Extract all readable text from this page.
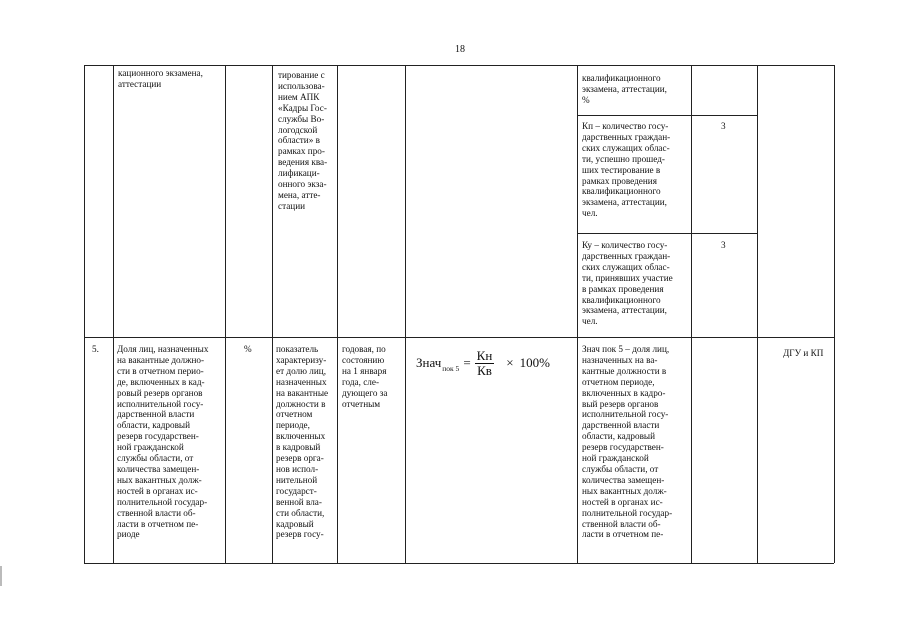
18
кационного экзамена,
аттестации
тирование с
использова-
нием АПК
«Кадры Гос-
службы Во-
логодской
области» в
рамках про-
ведения ква-
лификаци-
онного экза-
мена, атте-
стации
квалификационного
экзамена, аттестации,
%
Кп – количество госу-
дарственных граждан-
ских служащих облас-
ти, успешно прошед-
ших тестирование в
рамках проведения
квалификационного
экзамена, аттестации,
чел.
3
Ку – количество госу-
дарственных граждан-
ских служащих облас-
ти, принявших участие
в рамках проведения
квалификационного
экзамена, аттестации,
чел.
3
5.	Доля лиц, назначенных
на вакантные должно-
сти в отчетном перио-
де, включенных в кад-
ровый резерв органов
исполнительной госу-
дарственной власти
области, кадровый
резерв государствен-
ной гражданской
службы области, от
количества замещен-
ных вакантных долж-
ностей в органах ис-
полнительной государ-
ственной власти об-
ласти в отчетном пе-
риоде
%	показатель
характеризу-
ет долю лиц,
назначенных
на вакантные
должности в
отчетном
периоде,
включенных
в кадровый
резерв орга-
нов испол-
нительной
государст-
венной вла-
сти области,
кадровый
резерв госу-
годовая, по
состоянию
на 1 января
года, сле-
дующего за
отчетным
Знач пок $5 = \frac{Кн}{Кв} \times 100\%$
Знач пок 5 – доля лиц,
назначенных на ва-
кантные должности в
отчетном периоде,
включенных в кадро-
вый резерв органов
исполнительной госу-
дарственной власти
области, кадровый
резерв государствен-
ной гражданской
службы области, от
количества замещен-
ных вакантных долж-
ностей в органах ис-
полнительной государ-
ственной власти об-
ласти в отчетном пе-
ДГУ и КП
